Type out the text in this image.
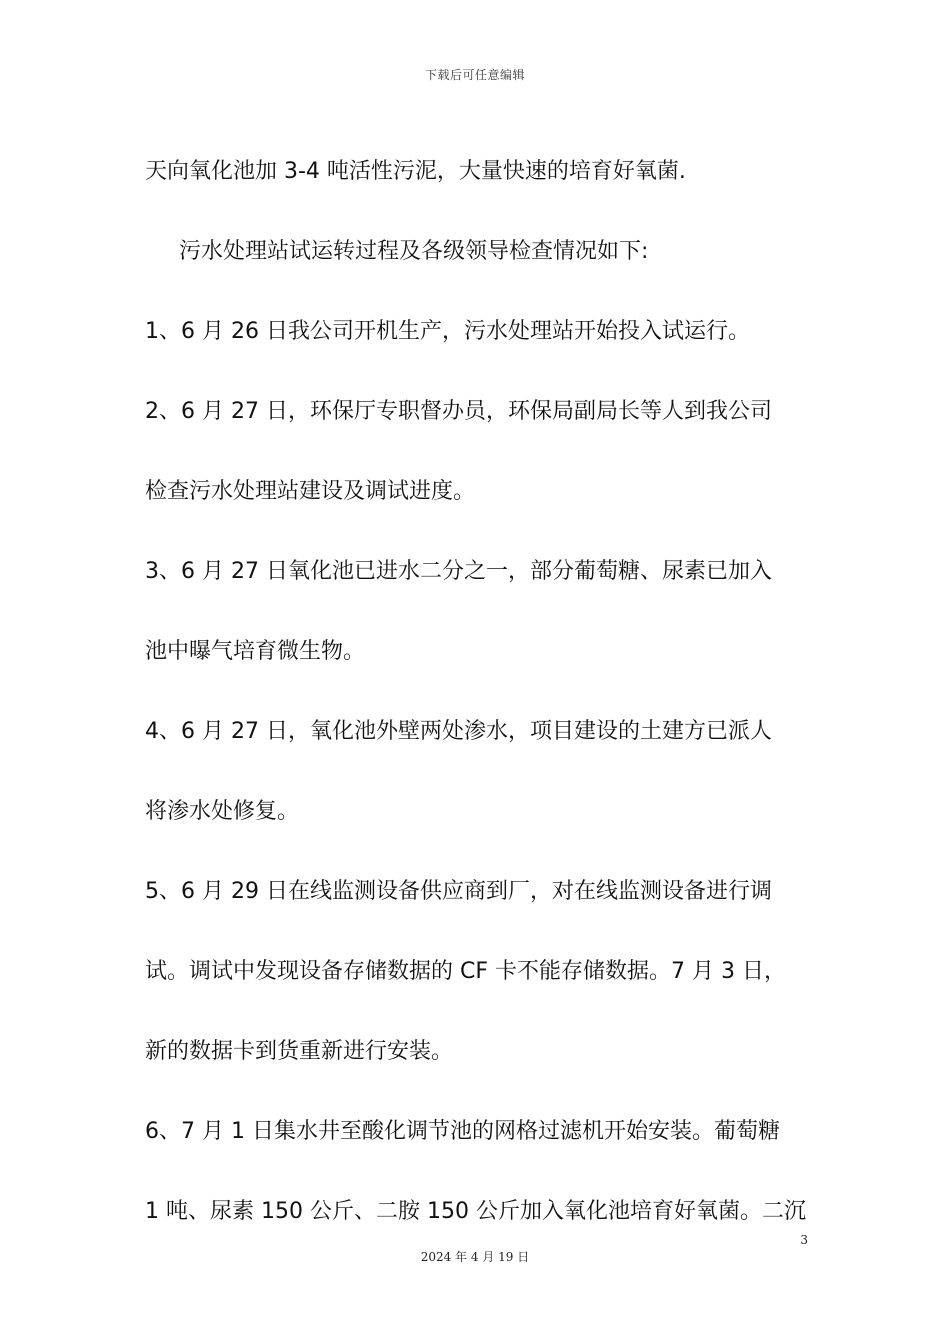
下载后可任意编辑

天向氧化池加 3-4 吨活性污泥，大量快速的培育好氧菌.

污水处理站试运转过程及各级领导检查情况如下:

1、6 月 26 日我公司开机生产，污水处理站开始投入试运行。

2、6 月 27 日，环保厅专职督办员，环保局副局长等人到我公司

检查污水处理站建设及调试进度。

3、6 月 27 日氧化池已进水二分之一，部分葡萄糖、尿素已加入

池中曝气培育微生物。

4、6 月 27 日，氧化池外壁两处渗水，项目建设的土建方已派人

将渗水处修复。

5、6 月 29 日在线监测设备供应商到厂，对在线监测设备进行调

试。调试中发现设备存储数据的 CF 卡不能存储数据。7 月 3 日，

新的数据卡到货重新进行安装。

6、7 月 1 日集水井至酸化调节池的网格过滤机开始安装。葡萄糖

1 吨、尿素 150 公斤、二胺 150 公斤加入氧化池培育好氧菌。二沉

3
2024 年 4 月 19 日
